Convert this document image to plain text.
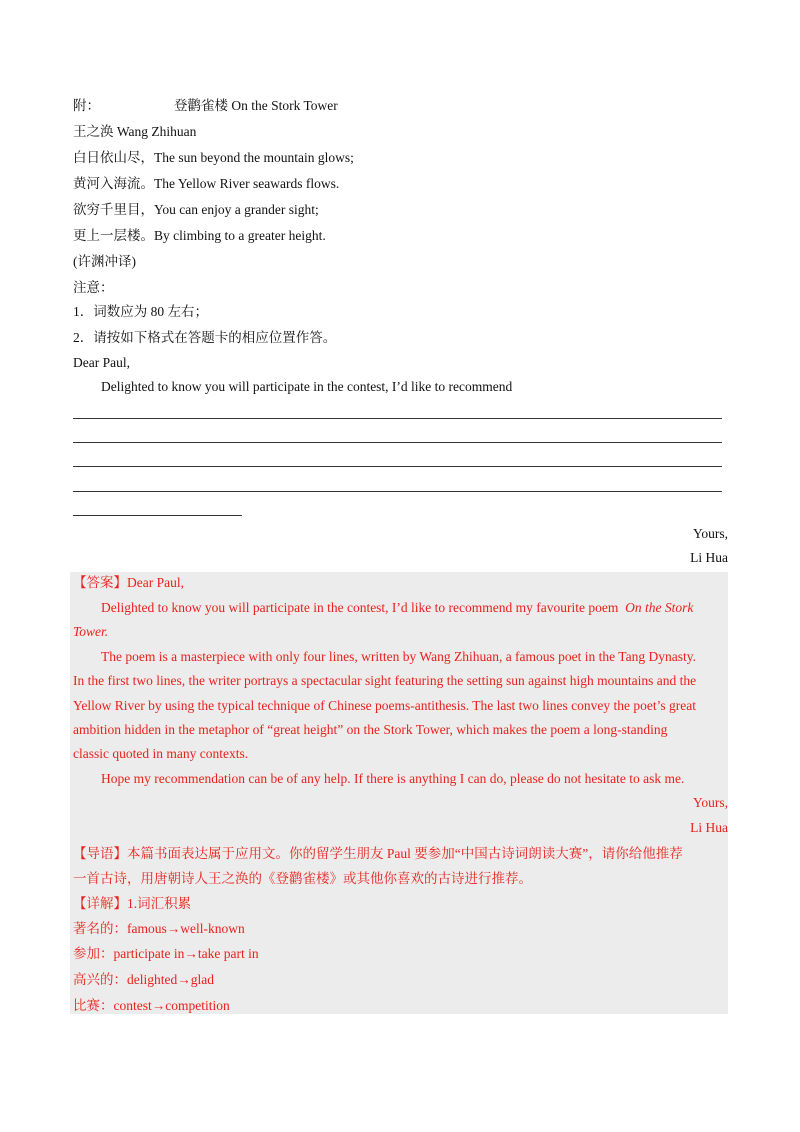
附：	登鹳雀楼 On the Stork Tower
王之涣 Wang Zhihuan
白日依山尽，The sun beyond the mountain glows;
黄河入海流。The Yellow River seawards flows.
欲穷千里目，You can enjoy a grander sight;
更上一层楼。By climbing to a greater height.
(许渊冲译)
注意：
1．词数应为 80 左右；
2．请按如下格式在答题卡的相应位置作答。
Dear Paul,
Delighted to know you will participate in the contest, I’d like to recommend
Yours,
Li Hua
【答案】Dear Paul,
Delighted to know you will participate in the contest, I’d like to recommend my favourite poem On the Stork
Tower.
The poem is a masterpiece with only four lines, written by Wang Zhihuan, a famous poet in the Tang Dynasty.
In the first two lines, the writer portrays a spectacular sight featuring the setting sun against high mountains and the
Yellow River by using the typical technique of Chinese poems-antithesis. The last two lines convey the poet’s great
ambition hidden in the metaphor of “great height” on the Stork Tower, which makes the poem a long-standing
classic quoted in many contexts.
Hope my recommendation can be of any help. If there is anything I can do, please do not hesitate to ask me.
Yours,
Li Hua
【导语】本篇书面表达属于应用文。你的留学生朋友 Paul 要参加“中国古诗词朗读大赛”，请你给他推荐
一首古诗，用唐朝诗人王之涣的《登鹳雀楼》或其他你喜欢的古诗进行推荐。
【详解】1.词汇积累
著名的：famous→well-known
参加：participate in→take part in
高兴的：delighted→glad
比赛：contest→competition
